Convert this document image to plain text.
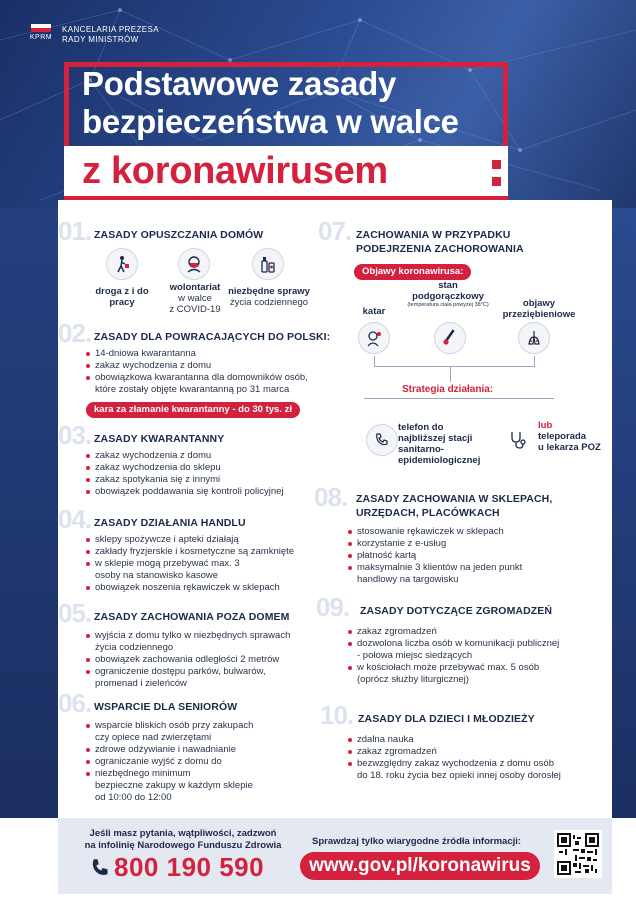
KPRM
KANCELARIA PREZESA
RADY MINISTRÓW
Podstawowe zasady
bezpieczeństwa w walce
z koronawirusem
01. ZASADY OPUSZCZANIA DOMÓW
droga z i do
pracy
wolontariat
w walce
z COVID-19
niezbędne sprawy
życia codziennego
02. ZASADY DLA POWRACAJĄCYCH DO POLSKI:
14-dniowa kwarantanna
zakaz wychodzenia z domu
obowiązkowa kwarantanna dla domowników osób,
które zostały objęte kwarantanną po 31 marca
kara za złamanie kwarantanny - do 30 tys. zł
03. ZASADY KWARANTANNY
zakaz wychodzenia z domu
zakaz wychodzenia do sklepu
zakaz spotykania się z innymi
obowiązek poddawania się kontroli policyjnej
04. ZASADY DZIAŁANIA HANDLU
sklepy spożywcze i apteki działają
zakłady fryzjerskie i kosmetyczne są zamknięte
w sklepie mogą przebywać max. 3
osoby na stanowisko kasowe
obowiązek noszenia rękawiczek w sklepach
05. ZASADY ZACHOWANIA POZA DOMEM
wyjścia z domu tylko w niezbędnych sprawach
życia codziennego
obowiązek zachowania odległości 2 metrów
ograniczenie dostępu parków, bulwarów,
promenad i zieleńców
06. WSPARCIE DLA SENIORÓW
wsparcie bliskich osób przy zakupach
czy opiece nad zwierzętami
zdrowe odżywianie i nawadnianie
ograniczanie wyjść z domu do
niezbędnego minimum
bezpieczne zakupy w każdym sklepie
od 10:00 do 12:00
07. ZACHOWANIA W PRZYPADKU
PODEJRZENIA ZACHOROWANIA
Objawy koronawirusa:
katar
stan
podgorączkowy
(temperatura ciała powyżej 38°C)	objawy
przeziębieniowe
Strategia działania:
telefon do
najbliższej stacji
sanitarno-
epidemiologicznej
lub
teleporada
u lekarza POZ
08. ZASADY ZACHOWANIA W SKLEPACH,
URZĘDACH, PLACÓWKACH
stosowanie rękawiczek w sklepach
korzystanie z e-usług
płatność kartą
maksymalnie 3 klientów na jeden punkt
handlowy na targowisku
09. ZASADY DOTYCZĄCE ZGROMADZEŃ
zakaz zgromadzeń
dozwolona liczba osób w komunikacji publicznej
- połowa miejsc siedzących
w kościołach może przebywać max. 5 osób
(oprócz służby liturgicznej)
10. ZASADY DLA DZIECI I MŁODZIEŻY
zdalna nauka
zakaz zgromadzeń
bezwzględny zakaz wychodzenia z domu osób
do 18. roku życia bez opieki innej osoby dorosłej
Jeśli masz pytania, wątpliwości, zadzwoń
na infolinię Narodowego Funduszu Zdrowia
800 190 590
Sprawdzaj tylko wiarygodne źródła informacji:
www.gov.pl/koronawirus
